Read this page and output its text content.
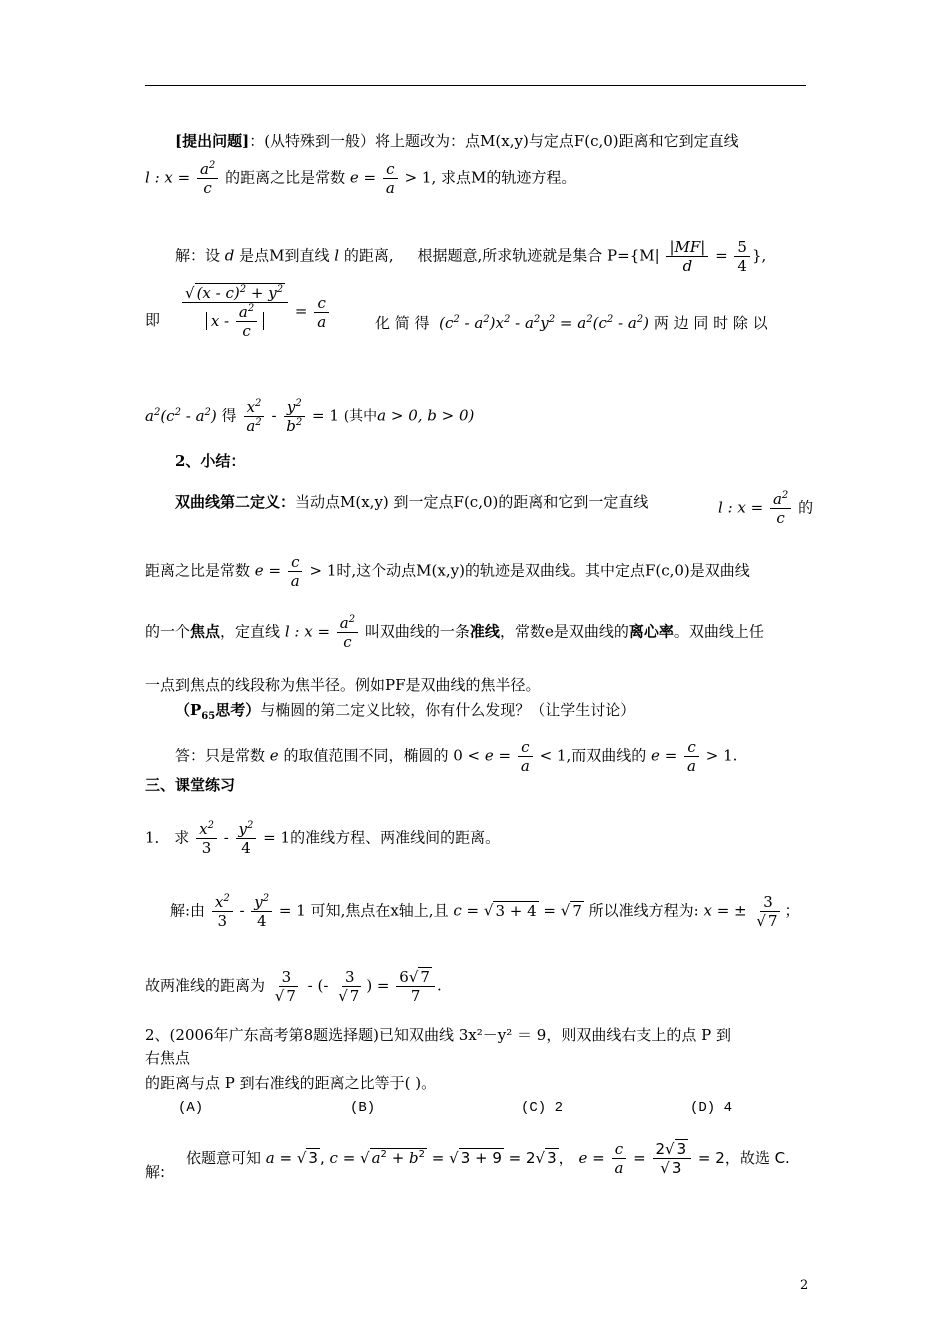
[提出问题]：(从特殊到一般）将上题改为：点M(x,y)与定点F(c,0)距离和它到定直线
l : $x = \frac{a^2}{c}$ 的距离之比是常数 $e = \frac{c}{a} > 1$, 求点M的轨迹方程。
解：设 d 是点M到直线 l 的距离, 根据题意,所求轨迹就是集合 $P=\{M| \frac{|MF|}{d} = \frac{5}{4}$ },
即 $\frac{√ (x - c)^2 + y^2}{x - \frac{a^2}{c}} = \frac{c}{a}$	化 简 得 $(c^2 - a^2)x^2 - a^2y^2 = a^2(c^2 - a^2)$ 两 边 同 时 除 以
$a^2(c^2 - a^2)$ 得 $\frac{x^2}{a^2} - \frac{y^2}{b^2} = 1$ (其中a > 0, b > 0)
2、小结：
双曲线第二定义：当动点M(x,y) 到一定点F(c,0)的距离和它到一定直线	l : $x = \frac{a^2}{c}$ 的
距离之比是常数 $e = \frac{c}{a} > 1$时,这个动点M(x,y)的轨迹是双曲线。其中定点F(c,0)是双曲线
的一个焦点，定直线 l : $x = \frac{a^2}{c}$ 叫双曲线的一条准线，常数e是双曲线的离心率。双曲线上任
一点到焦点的线段称为焦半径。例如PF是双曲线的焦半径。
（$P_{65}$思考）与椭圆的第二定义比较，你有什么发现？（让学生讨论）
答：只是常数 e 的取值范围不同，椭圆的 $0 < e = \frac{c}{a} < 1$,而双曲线的 $e = \frac{c}{a} > 1$.
三、课堂练习
1． 求 $\frac{x^2}{3} - \frac{y^2}{4} = 1$的准线方程、两准线间的距离。
解:由 $\frac{x^2}{3} - \frac{y^2}{4} = 1$ 可知,焦点在x轴上,且 c = √ 3 + 4 = √ 7 所以准线方程为: x = ± $\frac{3}{√ 7}$ ；
故两准线的距离为 $\frac{3}{√ 7}$ - (- $\frac{3}{√ 7}$ ) = $\frac{6√ 7}{7}$ .
2、(2006年广东高考第8题选择题)已知双曲线 3x²－y² ＝ 9，则双曲线右支上的点 P 到
右焦点
的距离与点 P 到右准线的距离之比等于( )。
(A)	(B)	(C) 2	(D) 4
依题意可知 a = √ 3 , c = √ $a^2 + b^2$ = √ 3 + 9 = 2√ 3 ， $e = \frac{c}{a} = \frac{2√ 3}{√ 3} = 2$，故选 C.
解:
2
